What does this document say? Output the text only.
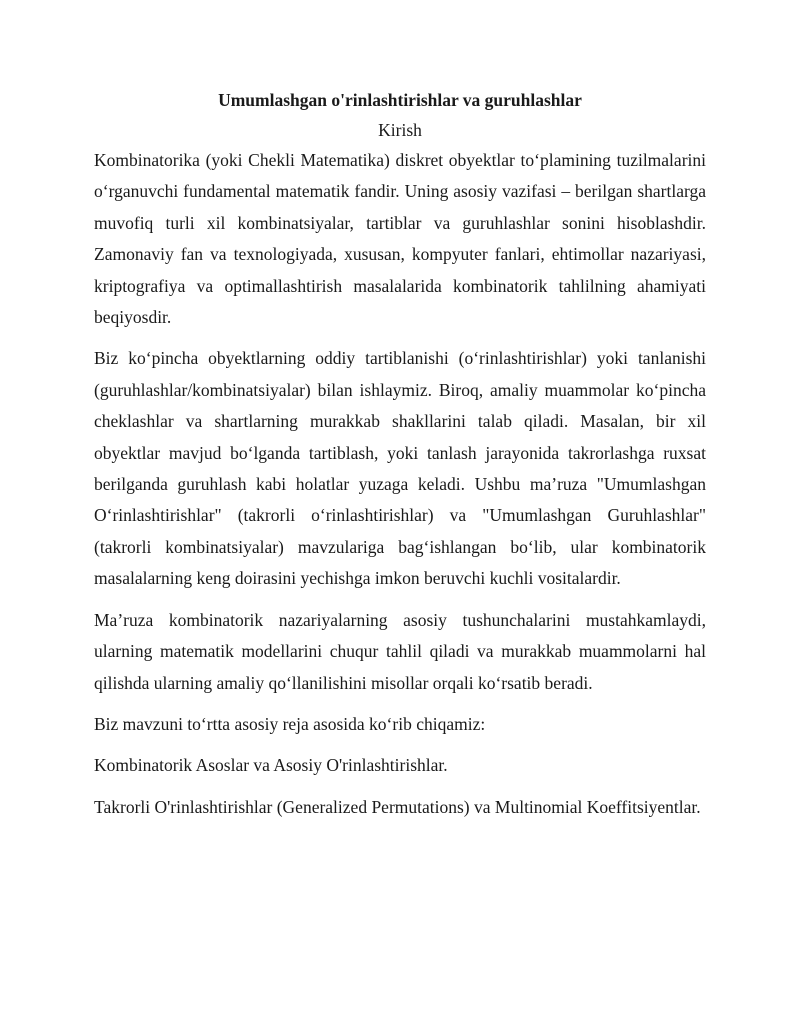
Umumlashgan o'rinlashtirishlar va guruhlashlar
Kirish

Kombinatorika (yoki Chekli Matematika) diskret obyektlar to‘plamining tuzilmalarini o‘rganuvchi fundamental matematik fandir. Uning asosiy vazifasi – berilgan shartlarga muvofiq turli xil kombinatsiyalar, tartiblar va guruhlashlar sonini hisoblashdir. Zamonaviy fan va texnologiyada, xususan, kompyuter fanlari, ehtimollar nazariyasi, kriptografiya va optimallashtirish masalalarida kombinatorik tahlilning ahamiyati beqiyosdir.

Biz ko‘pincha obyektlarning oddiy tartiblanishi (o‘rinlashtirishlar) yoki tanlanishi (guruhlashlar/kombinatsiyalar) bilan ishlaymiz. Biroq, amaliy muammolar ko‘pincha cheklashlar va shartlarning murakkab shakllarini talab qiladi. Masalan, bir xil obyektlar mavjud bo‘lganda tartiblash, yoki tanlash jarayonida takrorlashga ruxsat berilganda guruhlash kabi holatlar yuzaga keladi. Ushbu ma’ruza "Umumlashgan O‘rinlashtirishlar" (takrorli o‘rinlashtirishlar) va "Umumlashgan Guruhlashlar" (takrorli kombinatsiyalar) mavzulariga bag‘ishlangan bo‘lib, ular kombinatorik masalalarning keng doirasini yechishga imkon beruvchi kuchli vositalardir.

Ma’ruza kombinatorik nazariyalarning asosiy tushunchalarini mustahkamlaydi, ularning matematik modellarini chuqur tahlil qiladi va murakkab muammolarni hal qilishda ularning amaliy qo‘llanilishini misollar orqali ko‘rsatib beradi.

Biz mavzuni to‘rtta asosiy reja asosida ko‘rib chiqamiz:

Kombinatorik Asoslar va Asosiy O'rinlashtirishlar.

Takrorli O'rinlashtirishlar (Generalized Permutations) va Multinomial Koeffitsiyentlar.
